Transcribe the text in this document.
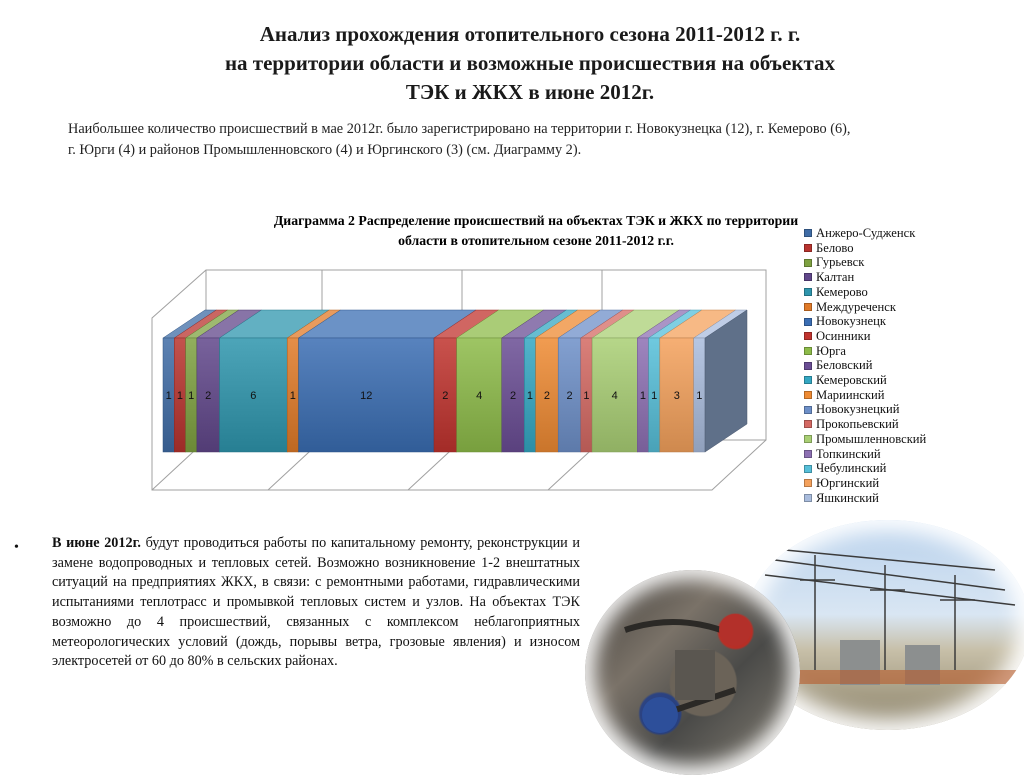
Анализ прохождения отопительного сезона 2011-2012 г. г.
на территории области и возможные происшествия на объектах
ТЭК и ЖКХ в июне 2012г.
Наибольшее количество происшествий в мае 2012г. было зарегистрировано на территории г. Новокузнецка (12), г. Кемерово (6),
г. Юрги (4) и районов Промышленновского (4) и Юргинского (3) (см. Диаграмму 2).
Диаграмма 2 Распределение происшествий на объектах ТЭК и ЖКХ по территории
области в отопительном сезоне 2011-2012 г.г.
1 1 1 2	6	1	12	2	4	2 1 2 2 1 4 1 1 3 1
Анжеро-Судженск
Белово
Гурьевск
Калтан
Кемерово
Междуреченск
Новокузнецк
Осинники
Юрга
Беловский
Кемеровский
Мариинский
Новокузнецкий
Прокопьевский
Промышленновский
Топкинский
Чебулинский
Юргинский
Яшкинский
• В июне 2012г. будут проводиться работы по капитальному ремонту, реконструкции и замене водопроводных и тепловых сетей. Возможно возникновение 1-2 внештатных ситуаций на предприятиях ЖКХ, в связи: с ремонтными работами, гидравлическими испытаниями теплотрасс и промывкой тепловых систем и узлов. На объектах ТЭК возможно до 4 происшествий, связанных с комплексом неблагоприятных метеорологических условий (дождь, порывы ветра, грозовые явления) и износом электросетей от 60 до 80% в сельских районах.
